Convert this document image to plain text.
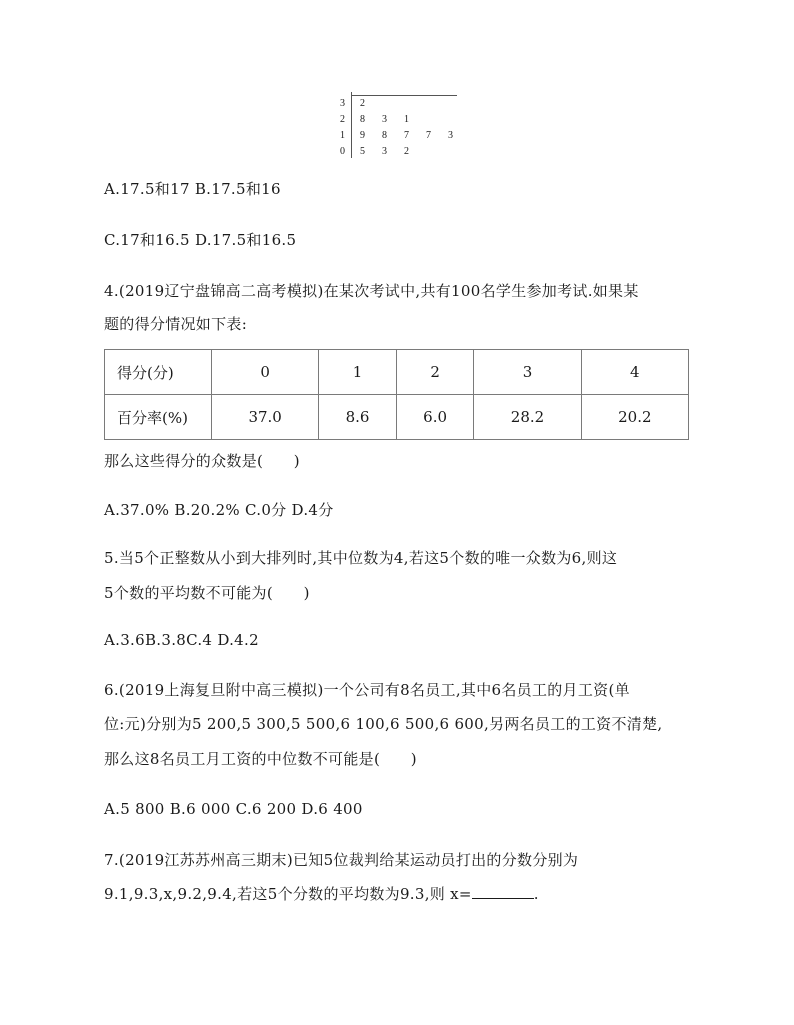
3 2
2 8 3 1
1 9 8 7 7 3
0 5 3 2
A.17.5和17 B.17.5和16
C.17和16.5 D.17.5和16.5
4.(2019辽宁盘锦高二高考模拟)在某次考试中,共有100名学生参加考试.如果某
题的得分情况如下表:
得分(分)	0	1	2	3	4
百分率(%)	37.0	8.6	6.0	28.2	20.2
那么这些得分的众数是(　　)
A.37.0% B.20.2% C.0分 D.4分
5.当5个正整数从小到大排列时,其中位数为4,若这5个数的唯一众数为6,则这
5个数的平均数不可能为(　　)
A.3.6B.3.8C.4 D.4.2
6.(2019上海复旦附中高三模拟)一个公司有8名员工,其中6名员工的月工资(单
位:元)分别为5 200,5 300,5 500,6 100,6 500,6 600,另两名员工的工资不清楚,
那么这8名员工月工资的中位数不可能是(　　)
A.5 800 B.6 000 C.6 200 D.6 400
7.(2019江苏苏州高三期末)已知5位裁判给某运动员打出的分数分别为
9.1,9.3,x,9.2,9.4,若这5个分数的平均数为9.3,则 x=	.
